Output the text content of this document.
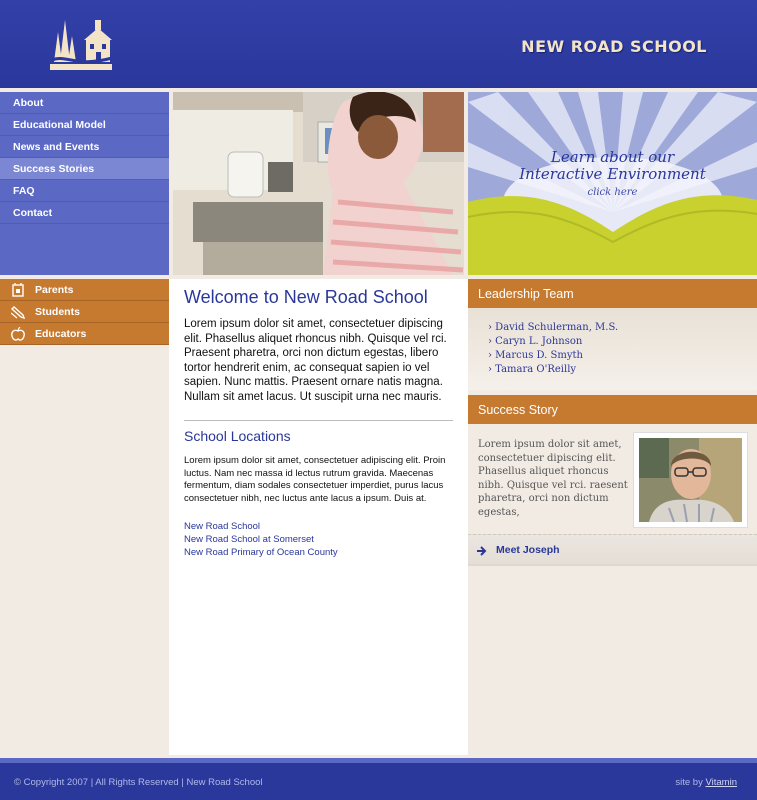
NEW ROAD SCHOOL
About
Educational Model
News and Events
Success Stories
FAQ
Contact
Learn about our
Interactive Environment
click here
Parents
Students
Educators
Welcome to New Road School
Lorem ipsum dolor sit amet, consectetuer dipiscing elit. Phasellus aliquet rhoncus nibh. Quisque vel rci. Praesent pharetra, orci non dictum egestas, libero tortor hendrerit enim, ac consequat sapien io vel sapien. Nunc mattis. Praesent ornare natis magna. Nullam sit amet lacus. Ut suscipit urna nec mauris.
School Locations
Lorem ipsum dolor sit amet, consectetuer adipiscing elit. Proin luctus. Nam nec massa id lectus rutrum gravida. Maecenas fermentum, diam sodales consectetuer imperdiet, purus lacus consectetuer nibh, nec luctus ante lacus a ipsum. Duis at.
New Road School
New Road School at Somerset
New Road Primary of Ocean County
Leadership Team
› David Schulerman, M.S.
› Caryn L. Johnson
› Marcus D. Smyth
› Tamara O'Reilly
Success Story
Lorem ipsum dolor sit amet, consectetuer dipiscing elit. Phasellus aliquet rhoncus nibh. Quisque vel rci. raesent pharetra, orci non dictum egestas,
Meet Joseph
© Copyright 2007 | All Rights Reserved | New Road School	site by Vitamin
